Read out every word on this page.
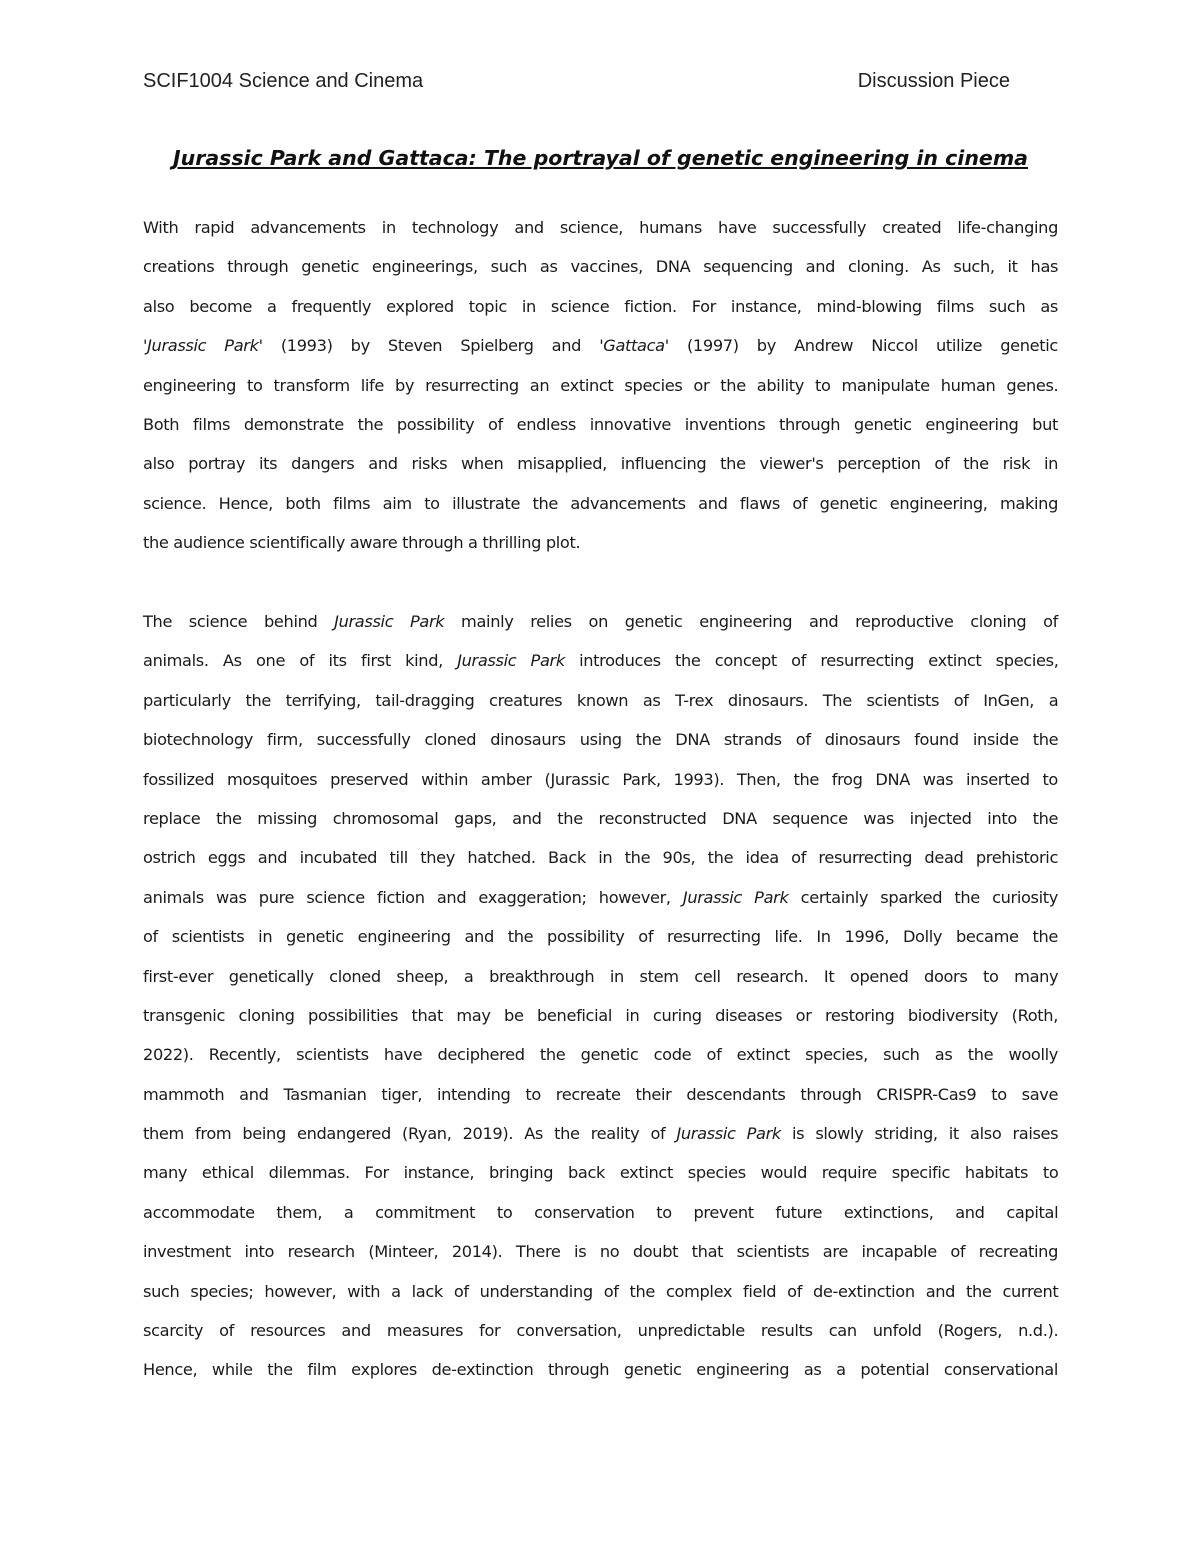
SCIF1004 Science and Cinema	Discussion Piece
Jurassic Park and Gattaca: The portrayal of genetic engineering in cinema
With rapid advancements in technology and science, humans have successfully created life-changing
creations through genetic engineerings, such as vaccines, DNA sequencing and cloning. As such, it has
also become a frequently explored topic in science fiction. For instance, mind-blowing films such as
'Jurassic Park' (1993) by Steven Spielberg and 'Gattaca' (1997) by Andrew Niccol utilize genetic
engineering to transform life by resurrecting an extinct species or the ability to manipulate human genes.
Both films demonstrate the possibility of endless innovative inventions through genetic engineering but
also portray its dangers and risks when misapplied, influencing the viewer's perception of the risk in
science. Hence, both films aim to illustrate the advancements and flaws of genetic engineering, making
the audience scientifically aware through a thrilling plot.
The science behind Jurassic Park mainly relies on genetic engineering and reproductive cloning of
animals. As one of its first kind, Jurassic Park introduces the concept of resurrecting extinct species,
particularly the terrifying, tail-dragging creatures known as T-rex dinosaurs. The scientists of InGen, a
biotechnology firm, successfully cloned dinosaurs using the DNA strands of dinosaurs found inside the
fossilized mosquitoes preserved within amber (Jurassic Park, 1993). Then, the frog DNA was inserted to
replace the missing chromosomal gaps, and the reconstructed DNA sequence was injected into the
ostrich eggs and incubated till they hatched. Back in the 90s, the idea of resurrecting dead prehistoric
animals was pure science fiction and exaggeration; however, Jurassic Park certainly sparked the curiosity
of scientists in genetic engineering and the possibility of resurrecting life. In 1996, Dolly became the
first-ever genetically cloned sheep, a breakthrough in stem cell research. It opened doors to many
transgenic cloning possibilities that may be beneficial in curing diseases or restoring biodiversity (Roth,
2022). Recently, scientists have deciphered the genetic code of extinct species, such as the woolly
mammoth and Tasmanian tiger, intending to recreate their descendants through CRISPR-Cas9 to save
them from being endangered (Ryan, 2019). As the reality of Jurassic Park is slowly striding, it also raises
many ethical dilemmas. For instance, bringing back extinct species would require specific habitats to
accommodate them, a commitment to conservation to prevent future extinctions, and capital
investment into research (Minteer, 2014). There is no doubt that scientists are incapable of recreating
such species; however, with a lack of understanding of the complex field of de-extinction and the current
scarcity of resources and measures for conversation, unpredictable results can unfold (Rogers, n.d.).
Hence, while the film explores de-extinction through genetic engineering as a potential conservational
